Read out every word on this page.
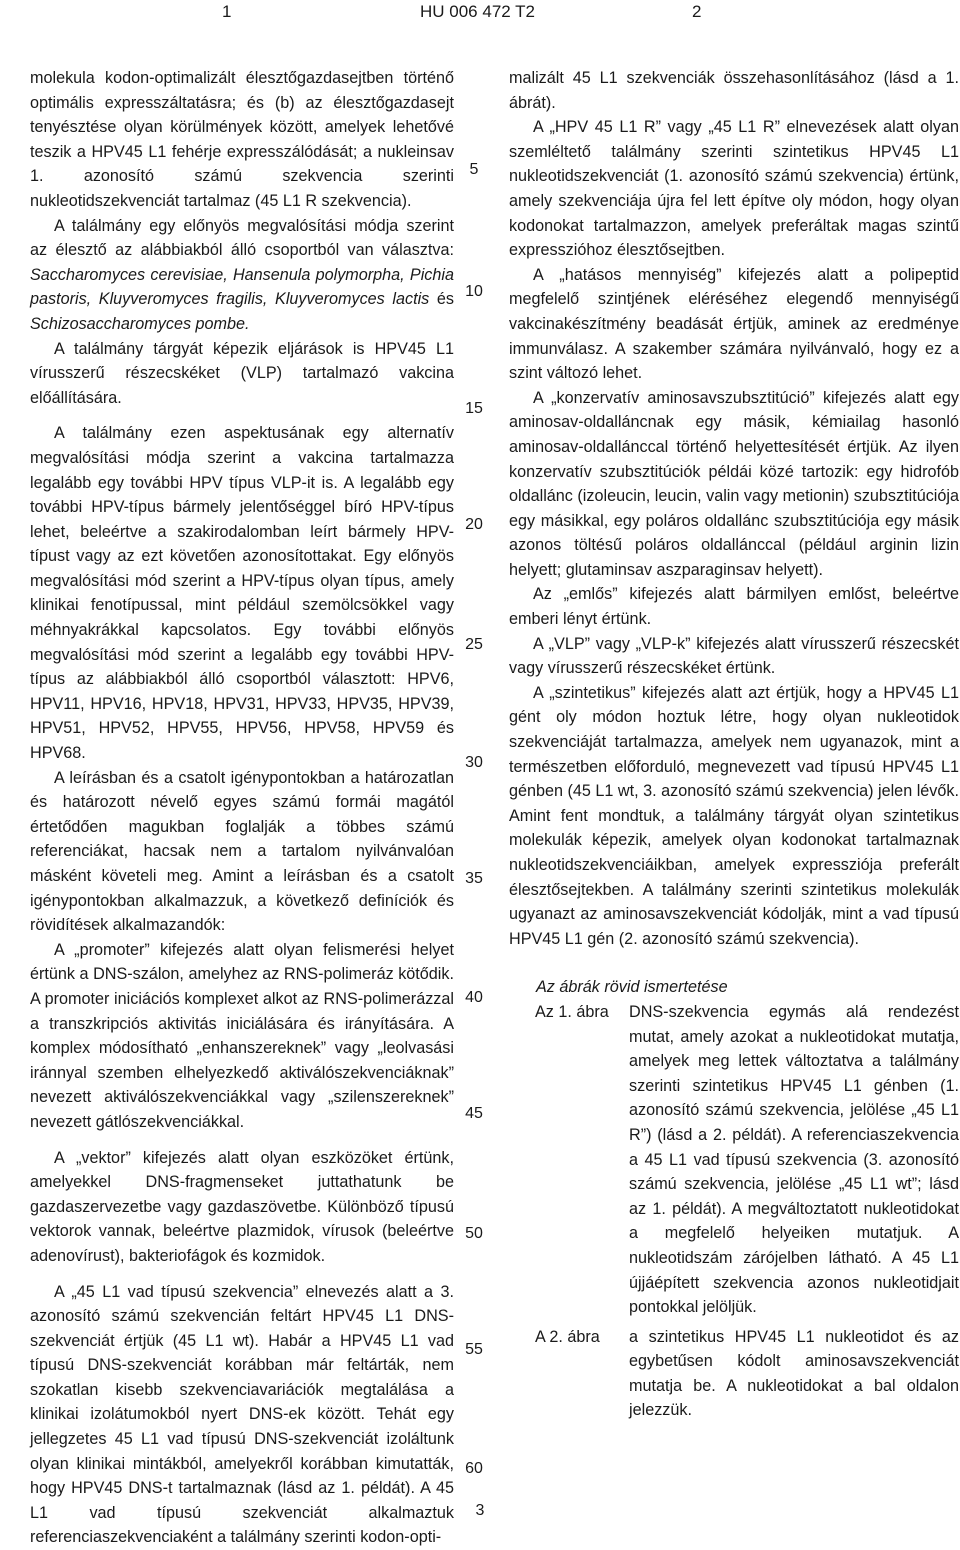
1	HU 006 472 T2	2

molekula kodon-optimalizált élesztőgazdasejtben történő optimális expresszáltatásra; és (b) az élesztőgazdasejt tenyésztése olyan körülmények között, amelyek lehetővé teszik a HPV45 L1 fehérje expresszálódását; a nukleinsav 1. azonosító számú szekvencia szerinti nukleotidszekvenciát tartalmaz (45 L1 R szekvencia).

A találmány egy előnyös megvalósítási módja szerint az élesztő az alábbiakból álló csoportból van választva: Saccharomyces cerevisiae, Hansenula polymorpha, Pichia pastoris, Kluyveromyces fragilis, Kluyveromyces lactis és Schizosaccharomyces pombe.

A találmány tárgyát képezik eljárások is HPV45 L1 vírusszerű részecskéket (VLP) tartalmazó vakcina előállítására.

A találmány ezen aspektusának egy alternatív megvalósítási módja szerint a vakcina tartalmazza legalább egy további HPV típus VLP-it is. A legalább egy további HPV-típus bármely jelentőséggel bíró HPV-típus lehet, beleértve a szakirodalomban leírt bármely HPV-típust vagy az ezt követően azonosítottakat. Egy előnyös megvalósítási mód szerint a HPV-típus olyan típus, amely klinikai fenotípussal, mint például szemölcsökkel vagy méhnyakrákkal kapcsolatos. Egy további előnyös megvalósítási mód szerint a legalább egy további HPV-típus az alábbiakból álló csoportból választott: HPV6, HPV11, HPV16, HPV18, HPV31, HPV33, HPV35, HPV39, HPV51, HPV52, HPV55, HPV56, HPV58, HPV59 és HPV68.

A leírásban és a csatolt igénypontokban a határozatlan és határozott névelő egyes számú formái magától értetődően magukban foglalják a többes számú referenciákat, hacsak nem a tartalom nyilvánvalóan másként követeli meg. Amint a leírásban és a csatolt igénypontokban alkalmazzuk, a következő definíciók és rövidítések alkalmazandók:

A „promoter” kifejezés alatt olyan felismerési helyet értünk a DNS-szálon, amelyhez az RNS-polimeráz kötődik. A promoter iniciációs komplexet alkot az RNS-polimerázzal a transzkripciós aktivitás iniciálására és irányítására. A komplex módosítható „enhanszereknek” vagy „leolvasási iránnyal szemben elhelyezkedő aktiválószekvenciáknak” nevezett aktiválószekvenciákkal vagy „szilenszereknek” nevezett gátlószekvenciákkal.

A „vektor” kifejezés alatt olyan eszközöket értünk, amelyekkel DNS-fragmenseket juttathatunk be gazdaszervezetbe vagy gazdaszövetbe. Különböző típusú vektorok vannak, beleértve plazmidok, vírusok (beleértve adenovírust), bakteriofágok és kozmidok.

A „45 L1 vad típusú szekvencia” elnevezés alatt a 3. azonosító számú szekvencián feltárt HPV45 L1 DNS-szekvenciát értjük (45 L1 wt). Habár a HPV45 L1 vad típusú DNS-szekvenciát korábban már feltárták, nem szokatlan kisebb szekvenciavariációk megtalálása a klinikai izolátumokból nyert DNS-ek között. Tehát egy jellegzetes 45 L1 vad típusú DNS-szekvenciát izoláltunk olyan klinikai mintákból, amelyekről korábban kimutatták, hogy HPV45 DNS-t tartalmaznak (lásd az 1. példát). A 45 L1 vad típusú szekvenciát alkalmaztuk referenciaszekvenciaként a találmány szerinti kodon-opti-

malizált 45 L1 szekvenciák összehasonlításához (lásd a 1. ábrát).

A „HPV 45 L1 R” vagy „45 L1 R” elnevezések alatt olyan szemléltető találmány szerinti szintetikus HPV45 L1 nukleotidszekvenciát (1. azonosító számú szekvencia) értünk, amely szekvenciája újra fel lett építve oly módon, hogy olyan kodonokat tartalmazzon, amelyek preferáltak magas szintű expresszióhoz élesztősejtben.

A „hatásos mennyiség” kifejezés alatt a polipeptid megfelelő szintjének eléréséhez elegendő mennyiségű vakcinakészítmény beadását értjük, aminek az eredménye immunválasz. A szakember számára nyilvánvaló, hogy ez a szint változó lehet.

A „konzervatív aminosavszubsztitúció” kifejezés alatt egy aminosav-oldalláncnak egy másik, kémiailag hasonló aminosav-oldallánccal történő helyettesítését értjük. Az ilyen konzervatív szubsztitúciók példái közé tartozik: egy hidrofób oldallánc (izoleucin, leucin, valin vagy metionin) szubsztitúciója egy másikkal, egy poláros oldallánc szubsztitúciója egy másik azonos töltésű poláros oldallánccal (például arginin lizin helyett; glutaminsav aszparaginsav helyett).

Az „emlős” kifejezés alatt bármilyen emlőst, beleértve emberi lényt értünk.

A „VLP” vagy „VLP-k” kifejezés alatt vírusszerű részecskét vagy vírusszerű részecskéket értünk.

A „szintetikus” kifejezés alatt azt értjük, hogy a HPV45 L1 gént oly módon hoztuk létre, hogy olyan nukleotidok szekvenciáját tartalmazza, amelyek nem ugyanazok, mint a természetben előforduló, megnevezett vad típusú HPV45 L1 génben (45 L1 wt, 3. azonosító számú szekvencia) jelen lévők. Amint fent mondtuk, a találmány tárgyát olyan szintetikus molekulák képezik, amelyek olyan kodonokat tartalmaznak nukleotidszekvenciáikban, amelyek expressziója preferált élesztősejtekben. A találmány szerinti szintetikus molekulák ugyanazt az aminosavszekvenciát kódolják, mint a vad típusú HPV45 L1 gén (2. azonosító számú szekvencia).

Az ábrák rövid ismertetése

Az 1. ábra	DNS-szekvencia egymás alá rendezést mutat, amely azokat a nukleotidokat mutatja, amelyek meg lettek változtatva a találmány szerinti szintetikus HPV45 L1 génben (1. azonosító számú szekvencia, jelölése „45 L1 R”) (lásd a 2. példát). A referenciaszekvencia a 45 L1 vad típusú szekvencia (3. azonosító számú szekvencia, jelölése „45 L1 wt”; lásd az 1. példát). A megváltoztatott nukleotidokat a megfelelő helyeiken mutatjuk. A nukleotidszám zárójelben látható. A 45 L1 újjáépített szekvencia azonos nukleotidjait pontokkal jelöljük.
A 2. ábra	a szintetikus HPV45 L1 nukleotidot és az egybetűsen kódolt aminosavszekvenciát mutatja be. A nukleotidokat a bal oldalon jelezzük.
5
10
15
20
25
30
35
40
45
50
55
60
3
